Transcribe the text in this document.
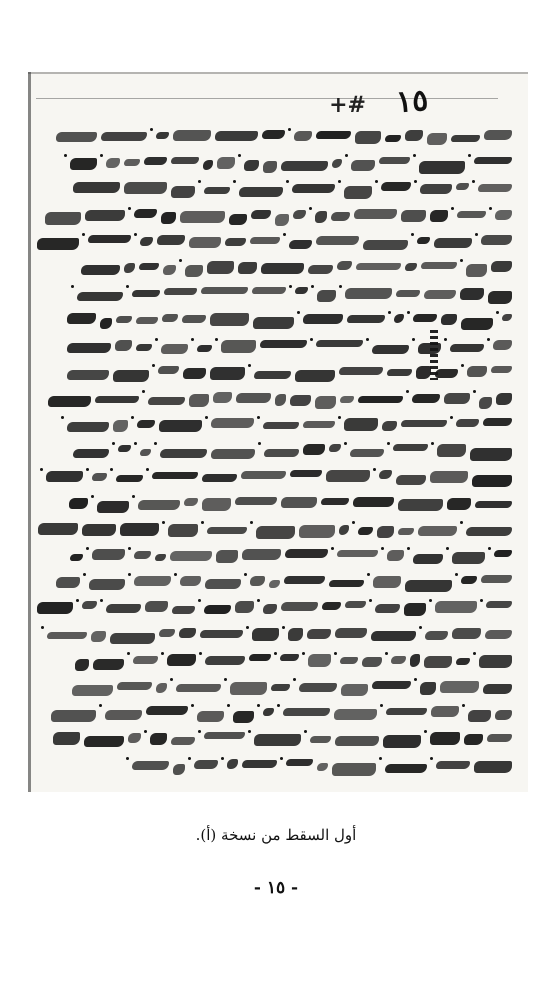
+# ١٥
أول السقط من نسخة (أ).
- ١٥ -
